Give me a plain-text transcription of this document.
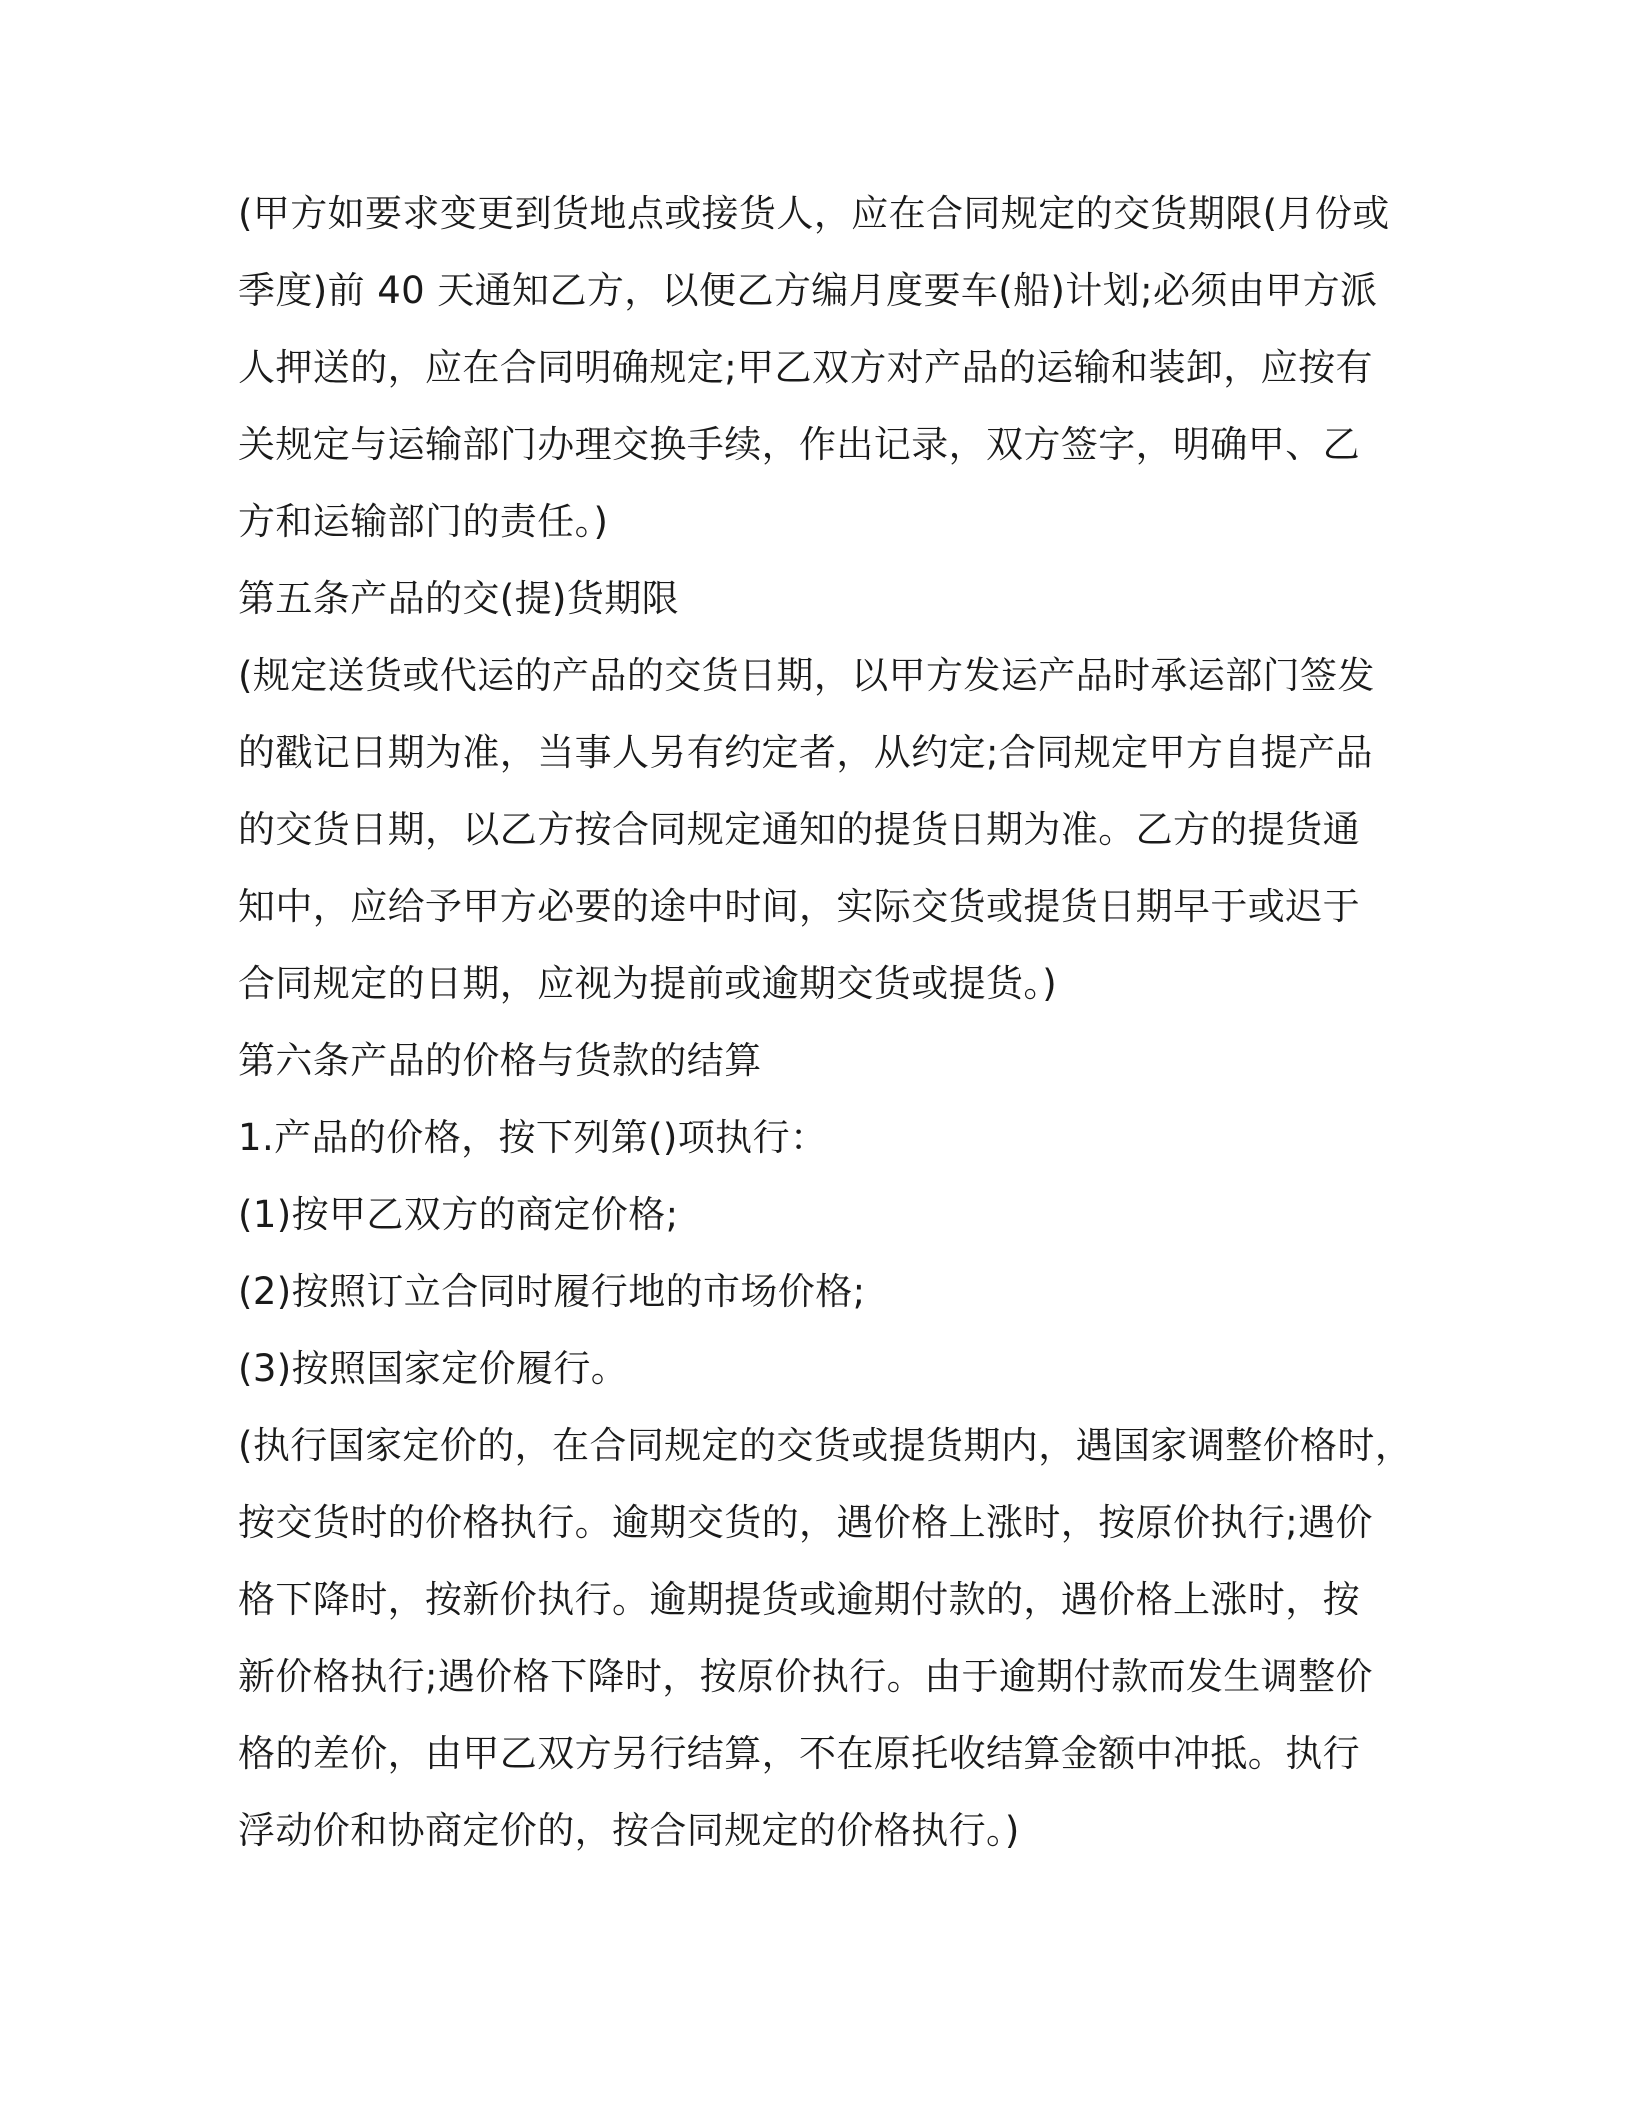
(甲方如要求变更到货地点或接货人，应在合同规定的交货期限(月份或
季度)前 40 天通知乙方，以便乙方编月度要车(船)计划;必须由甲方派
人押送的，应在合同明确规定;甲乙双方对产品的运输和装卸，应按有
关规定与运输部门办理交换手续，作出记录，双方签字，明确甲、乙
方和运输部门的责任。)
第五条产品的交(提)货期限
(规定送货或代运的产品的交货日期，以甲方发运产品时承运部门签发
的戳记日期为准，当事人另有约定者，从约定;合同规定甲方自提产品
的交货日期，以乙方按合同规定通知的提货日期为准。乙方的提货通
知中，应给予甲方必要的途中时间，实际交货或提货日期早于或迟于
合同规定的日期，应视为提前或逾期交货或提货。)
第六条产品的价格与货款的结算
1.产品的价格，按下列第()项执行：
(1)按甲乙双方的商定价格;
(2)按照订立合同时履行地的市场价格;
(3)按照国家定价履行。
(执行国家定价的，在合同规定的交货或提货期内，遇国家调整价格时，
按交货时的价格执行。逾期交货的，遇价格上涨时，按原价执行;遇价
格下降时，按新价执行。逾期提货或逾期付款的，遇价格上涨时，按
新价格执行;遇价格下降时，按原价执行。由于逾期付款而发生调整价
格的差价，由甲乙双方另行结算，不在原托收结算金额中冲抵。执行
浮动价和协商定价的，按合同规定的价格执行。)
